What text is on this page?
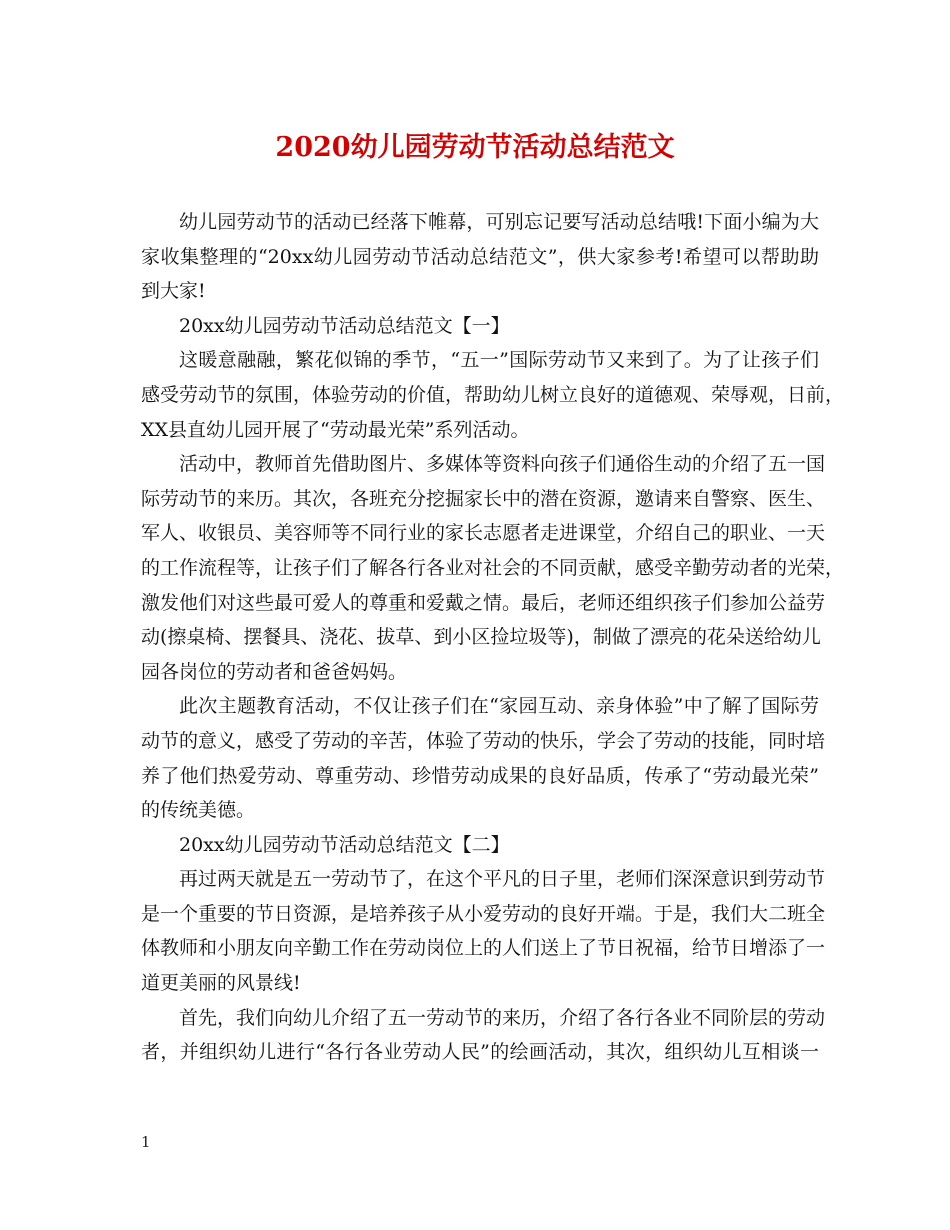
2020幼儿园劳动节活动总结范文
幼儿园劳动节的活动已经落下帷幕，可别忘记要写活动总结哦!下面小编为大
家收集整理的“20xx幼儿园劳动节活动总结范文”，供大家参考!希望可以帮助助
到大家!
20xx幼儿园劳动节活动总结范文【一】
这暖意融融，繁花似锦的季节，“五一”国际劳动节又来到了。为了让孩子们
感受劳动节的氛围，体验劳动的价值，帮助幼儿树立良好的道德观、荣辱观，日前，
XX县直幼儿园开展了“劳动最光荣”系列活动。
活动中，教师首先借助图片、多媒体等资料向孩子们通俗生动的介绍了五一国
际劳动节的来历。其次，各班充分挖掘家长中的潜在资源，邀请来自警察、医生、
军人、收银员、美容师等不同行业的家长志愿者走进课堂，介绍自己的职业、一天
的工作流程等，让孩子们了解各行各业对社会的不同贡献，感受辛勤劳动者的光荣，
激发他们对这些最可爱人的尊重和爱戴之情。最后，老师还组织孩子们参加公益劳
动(擦桌椅、摆餐具、浇花、拔草、到小区捡垃圾等)，制做了漂亮的花朵送给幼儿
园各岗位的劳动者和爸爸妈妈。
此次主题教育活动，不仅让孩子们在“家园互动、亲身体验”中了解了国际劳
动节的意义，感受了劳动的辛苦，体验了劳动的快乐，学会了劳动的技能，同时培
养了他们热爱劳动、尊重劳动、珍惜劳动成果的良好品质，传承了“劳动最光荣”
的传统美德。
20xx幼儿园劳动节活动总结范文【二】
再过两天就是五一劳动节了，在这个平凡的日子里，老师们深深意识到劳动节
是一个重要的节日资源，是培养孩子从小爱劳动的良好开端。于是，我们大二班全
体教师和小朋友向辛勤工作在劳动岗位上的人们送上了节日祝福，给节日增添了一
道更美丽的风景线!
首先，我们向幼儿介绍了五一劳动节的来历，介绍了各行各业不同阶层的劳动
者，并组织幼儿进行“各行各业劳动人民”的绘画活动，其次，组织幼儿互相谈一
1
